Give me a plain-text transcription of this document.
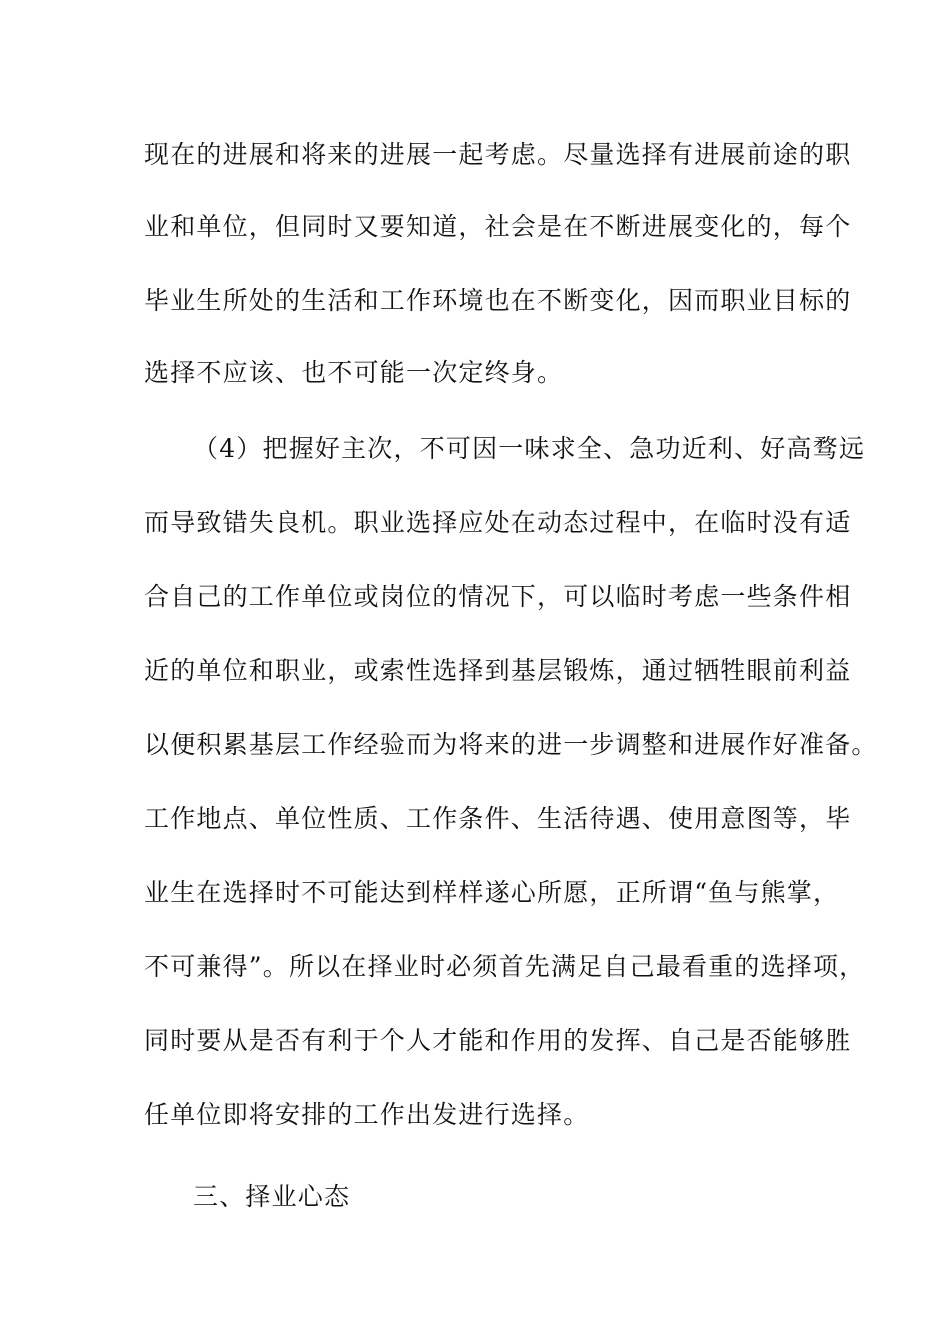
现在的进展和将来的进展一起考虑。尽量选择有进展前途的职
业和单位，但同时又要知道，社会是在不断进展变化的，每个
毕业生所处的生活和工作环境也在不断变化，因而职业目标的
选择不应该、也不可能一次定终身。
（4）把握好主次，不可因一味求全、急功近利、好高骛远
而导致错失良机。职业选择应处在动态过程中，在临时没有适
合自己的工作单位或岗位的情况下，可以临时考虑一些条件相
近的单位和职业，或索性选择到基层锻炼，通过牺牲眼前利益
以便积累基层工作经验而为将来的进一步调整和进展作好准备。
工作地点、单位性质、工作条件、生活待遇、使用意图等，毕
业生在选择时不可能达到样样遂心所愿，正所谓“鱼与熊掌，
不可兼得”。所以在择业时必须首先满足自己最看重的选择项，
同时要从是否有利于个人才能和作用的发挥、自己是否能够胜
任单位即将安排的工作出发进行选择。
三、择业心态
